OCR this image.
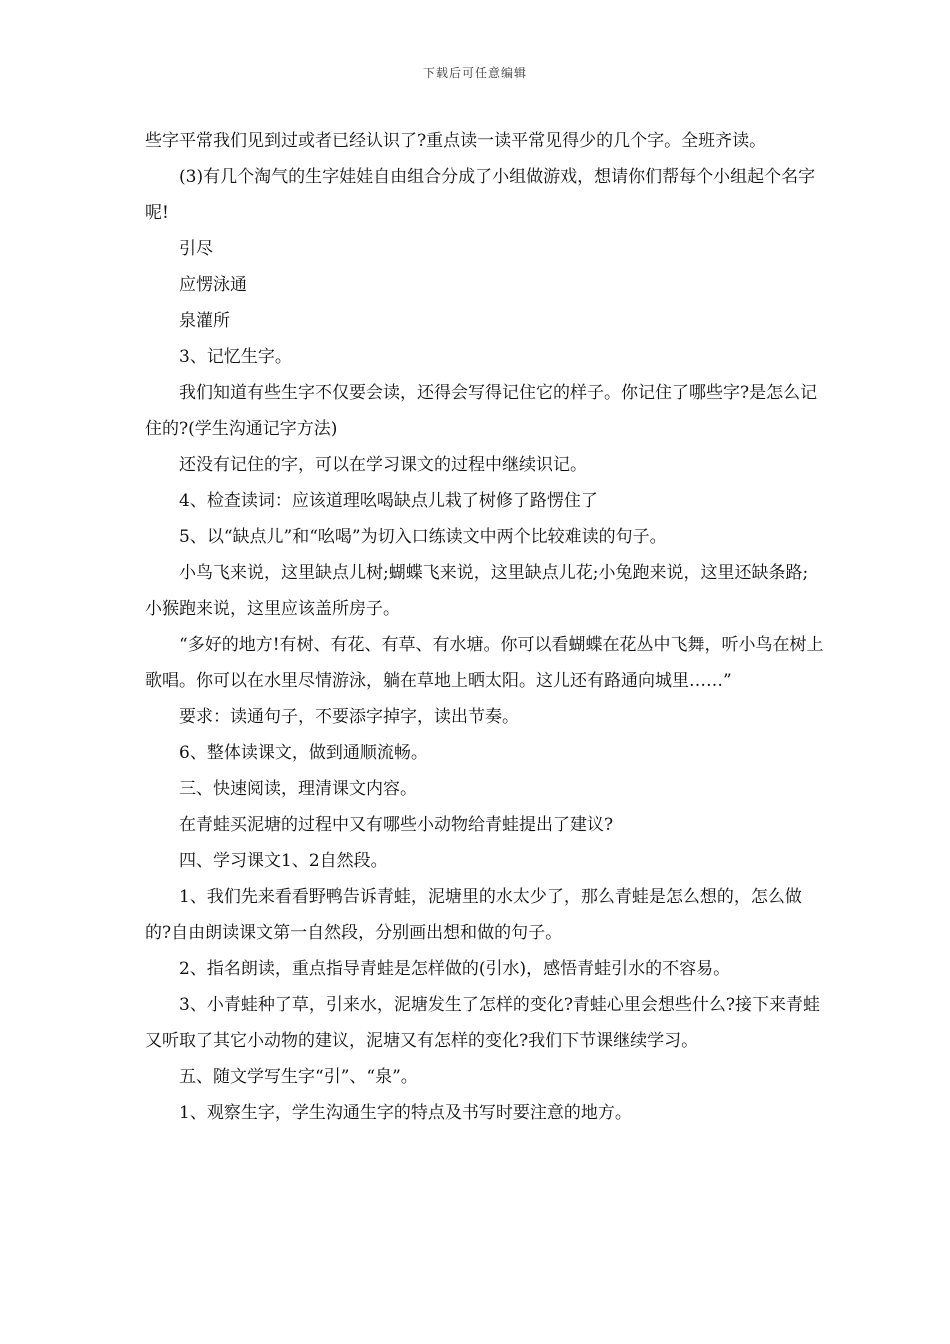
下载后可任意编辑

些字平常我们见到过或者已经认识了?重点读一读平常见得少的几个字。全班齐读。

(3)有几个淘气的生字娃娃自由组合分成了小组做游戏，想请你们帮每个小组起个名字呢!

引尽

应愣泳通

泉灌所

3、记忆生字。

我们知道有些生字不仅要会读，还得会写得记住它的样子。你记住了哪些字?是怎么记住的?(学生沟通记字方法)

还没有记住的字，可以在学习课文的过程中继续识记。

4、检查读词：应该道理吆喝缺点儿栽了树修了路愣住了

5、以“缺点儿”和“吆喝”为切入口练读文中两个比较难读的句子。

小鸟飞来说，这里缺点儿树;蝴蝶飞来说，这里缺点儿花;小兔跑来说，这里还缺条路;小猴跑来说，这里应该盖所房子。

“多好的地方!有树、有花、有草、有水塘。你可以看蝴蝶在花丛中飞舞，听小鸟在树上歌唱。你可以在水里尽情游泳，躺在草地上晒太阳。这儿还有路通向城里……”

要求：读通句子，不要添字掉字，读出节奏。

6、整体读课文，做到通顺流畅。

三、快速阅读，理清课文内容。

在青蛙买泥塘的过程中又有哪些小动物给青蛙提出了建议?

四、学习课文1、2自然段。

1、我们先来看看野鸭告诉青蛙，泥塘里的水太少了，那么青蛙是怎么想的，怎么做的?自由朗读课文第一自然段，分别画出想和做的句子。

2、指名朗读，重点指导青蛙是怎样做的(引水)，感悟青蛙引水的不容易。

3、小青蛙种了草，引来水，泥塘发生了怎样的变化?青蛙心里会想些什么?接下来青蛙又听取了其它小动物的建议，泥塘又有怎样的变化?我们下节课继续学习。

五、随文学写生字“引”、“泉”。

1、观察生字，学生沟通生字的特点及书写时要注意的地方。
